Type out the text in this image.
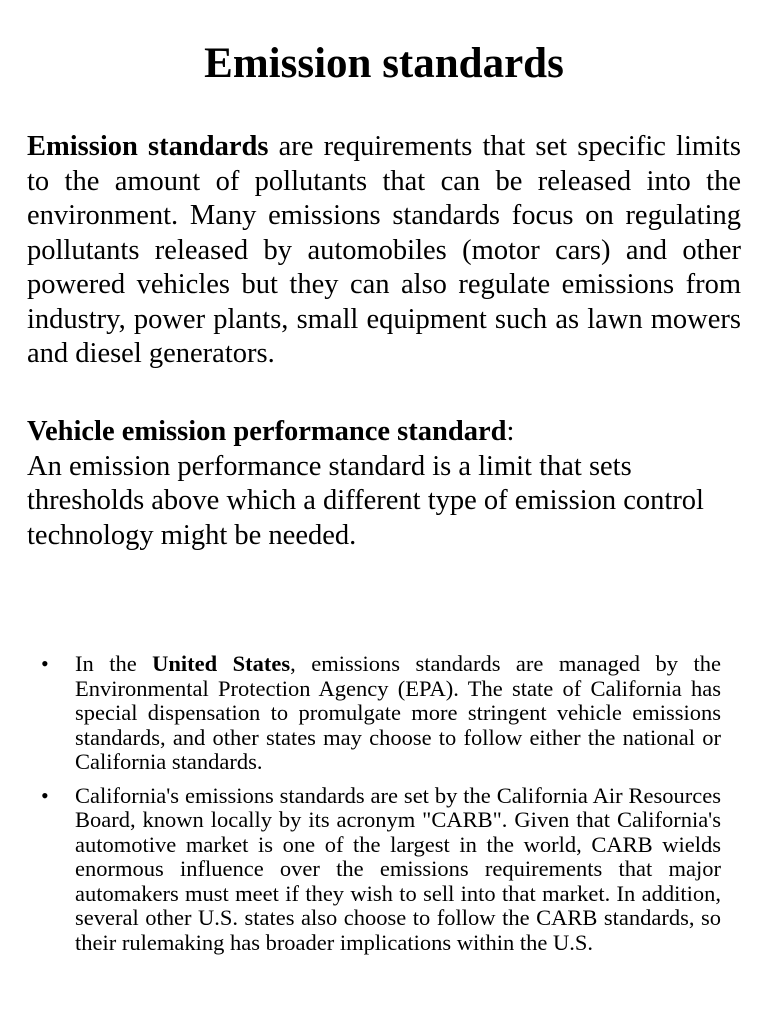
Emission standards

Emission standards are requirements that set specific limits to the amount of pollutants that can be released into the environment. Many emissions standards focus on regulating pollutants released by automobiles (motor cars) and other powered vehicles but they can also regulate emissions from industry, power plants, small equipment such as lawn mowers and diesel generators.

Vehicle emission performance standard:
An emission performance standard is a limit that sets thresholds above which a different type of emission control technology might be needed.
• In the United States, emissions standards are managed by the Environmental Protection Agency (EPA). The state of California has special dispensation to promulgate more stringent vehicle emissions standards, and other states may choose to follow either the national or California standards.
• California's emissions standards are set by the California Air Resources Board, known locally by its acronym "CARB". Given that California's automotive market is one of the largest in the world, CARB wields enormous influence over the emissions requirements that major automakers must meet if they wish to sell into that market. In addition, several other U.S. states also choose to follow the CARB standards, so their rulemaking has broader implications within the U.S.
